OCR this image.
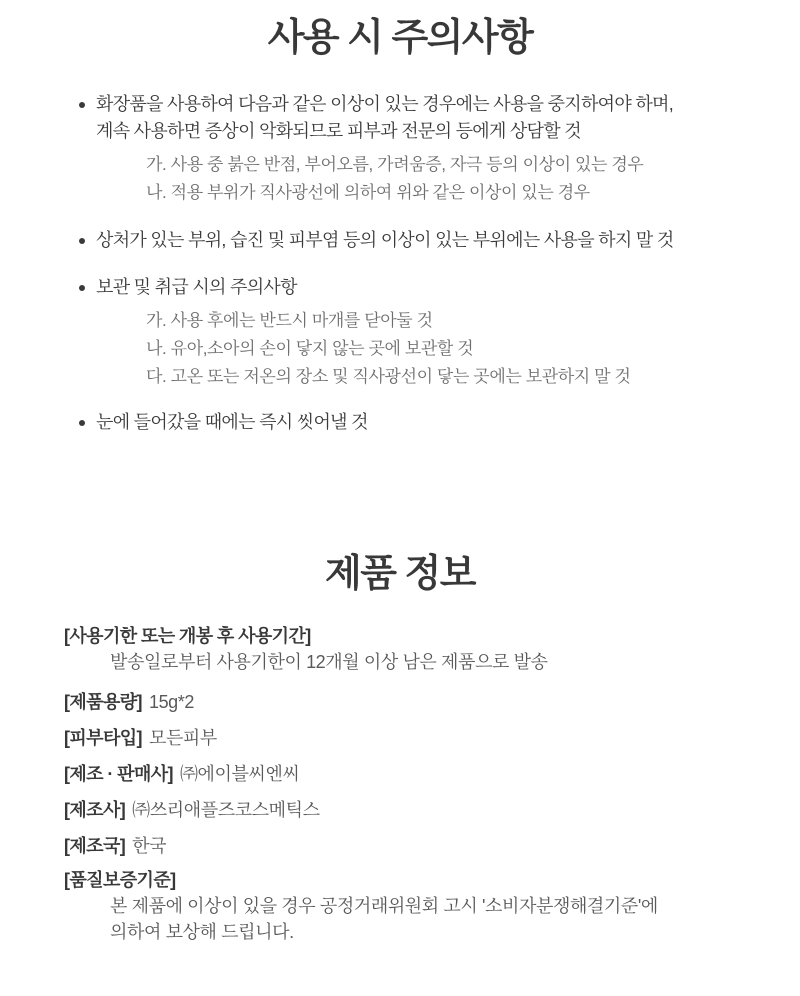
사용 시 주의사항
화장품을 사용하여 다음과 같은 이상이 있는 경우에는 사용을 중지하여야 하며,
계속 사용하면 증상이 악화되므로 피부과 전문의 등에게 상담할 것
가. 사용 중 붉은 반점, 부어오름, 가려움증, 자극 등의 이상이 있는 경우
나. 적용 부위가 직사광선에 의하여 위와 같은 이상이 있는 경우
상처가 있는 부위, 습진 및 피부염 등의 이상이 있는 부위에는 사용을 하지 말 것
보관 및 취급 시의 주의사항
가. 사용 후에는 반드시 마개를 닫아둘 것
나. 유아,소아의 손이 닿지 않는 곳에 보관할 것
다. 고온 또는 저온의 장소 및 직사광선이 닿는 곳에는 보관하지 말 것
눈에 들어갔을 때에는 즉시 씻어낼 것
제품 정보
[사용기한 또는 개봉 후 사용기간]
발송일로부터 사용기한이 12개월 이상 남은 제품으로 발송
[제품용량] 15g*2
[피부타입] 모든피부
[제조 · 판매사] ㈜에이블씨엔씨
[제조사] ㈜쓰리애플즈코스메틱스
[제조국] 한국
[품질보증기준]
본 제품에 이상이 있을 경우 공정거래위원회 고시 '소비자분쟁해결기준'에
의하여 보상해 드립니다.
